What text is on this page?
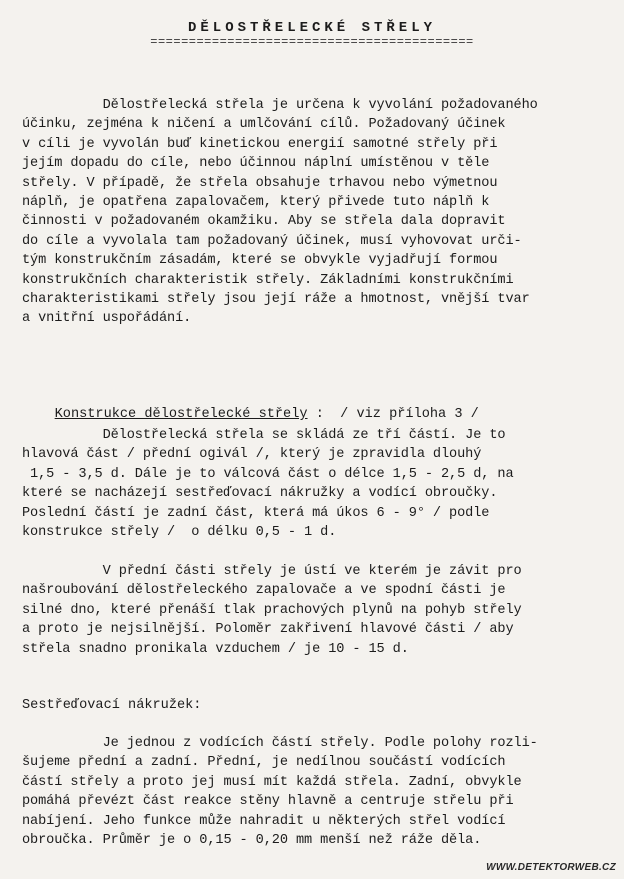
DĚLOSTŘELECKÉ STŘELY
==========================================
Dělostřelecká střela je určena k vyvolání požadovaného
účinku, zejména k ničení a umlčování cílů. Požadovaný účinek
v cíli je vyvolán buď kinetickou energií samotné střely při
jejím dopadu do cíle, nebo účinnou náplní umístěnou v těle
střely. V případě, že střela obsahuje trhavou nebo výmetnou
náplň, je opatřena zapalovačem, který přivede tuto náplň k
činnosti v požadovaném okamžiku. Aby se střela dala dopravit
do cíle a vyvolala tam požadovaný účinek, musí vyhovovat urči-
tým konstrukčním zásadám, které se obvykle vyjadřují formou
konstrukčních charakteristik střely. Základními konstrukčními
charakteristikami střely jsou její ráže a hmotnost, vnější tvar
a vnitřní uspořádání.

Konstrukce dělostřelecké střely :  / viz příloha 3 /

Dělostřelecká střela se skládá ze tří částí. Je to
hlavová část / přední ogivál /, který je zpravidla dlouhý
1,5 - 3,5 d. Dále je to válcová část o délce 1,5 - 2,5 d, na
které se nacházejí sestřeďovací nákružky a vodící obroučky.
Poslední částí je zadní část, která má úkos 6 - 9° / podle
konstrukce střely /  o délku 0,5 - 1 d.
V přední části střely je ústí ve kterém je závit pro
našroubování dělostřeleckého zapalovače a ve spodní části je
silné dno, které přenáší tlak prachových plynů na pohyb střely
a proto je nejsilnější. Poloměr zakřivení hlavové části / aby
střela snadno pronikala vzduchem / je 10 - 15 d.
Sestřeďovací nákružek:
Je jednou z vodících částí střely. Podle polohy rozli-
šujeme přední a zadní. Přední, je nedílnou součástí vodících
částí střely a proto jej musí mít každá střela. Zadní, obvykle
pomáhá převézt část reakce stěny hlavně a centruje střelu při
nabíjení. Jeho funkce může nahradit u některých střel vodící
obroučka. Průměr je o 0,15 - 0,20 mm menší než ráže děla.
WWW.DETEKTORWEB.CZ
